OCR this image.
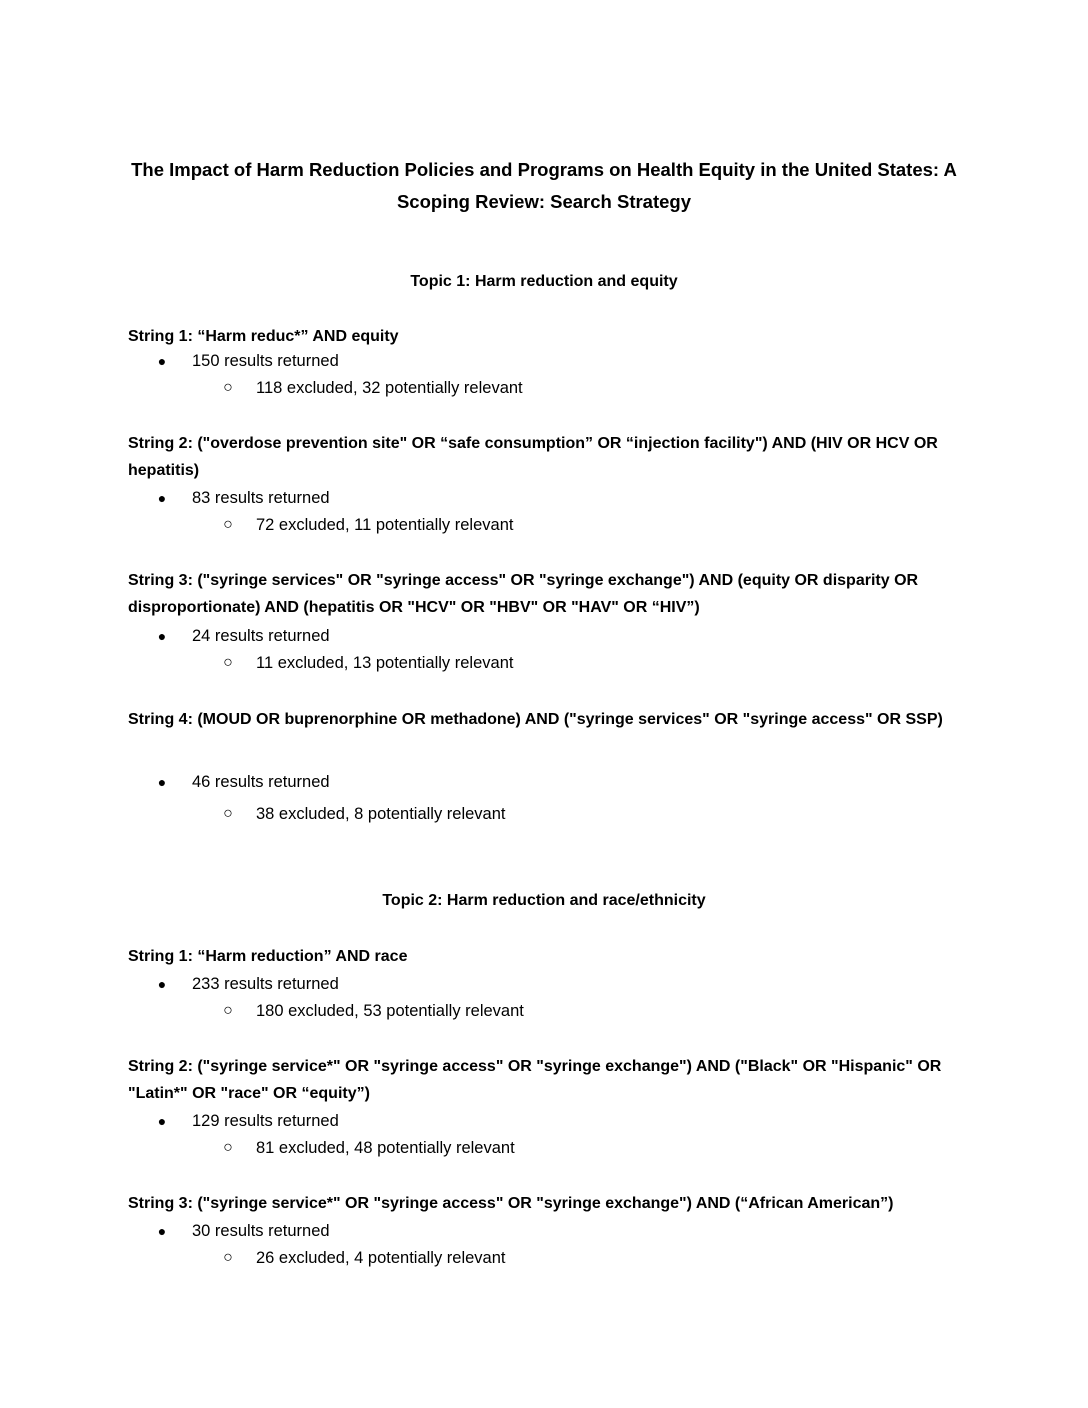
The Impact of Harm Reduction Policies and Programs on Health Equity in the United States: A Scoping Review: Search Strategy
Topic 1: Harm reduction and equity
String 1: “Harm reduc*” AND equity
●	150 results returned
○	118 excluded, 32 potentially relevant
String 2: ("overdose prevention site" OR “safe consumption” OR “injection facility") AND (HIV OR HCV OR hepatitis)
●	83 results returned
○	72 excluded, 11 potentially relevant
String 3: ("syringe services" OR "syringe access" OR "syringe exchange") AND (equity OR disparity OR disproportionate) AND (hepatitis OR "HCV" OR "HBV" OR "HAV" OR “HIV”)
●	24 results returned
○	11 excluded, 13 potentially relevant
String 4: (MOUD OR buprenorphine OR methadone) AND ("syringe services" OR "syringe access" OR SSP)
●	46 results returned
○	38 excluded, 8 potentially relevant
Topic 2: Harm reduction and race/ethnicity
String 1: “Harm reduction” AND race
●	233 results returned
○	180 excluded, 53 potentially relevant
String 2: ("syringe service*" OR "syringe access" OR "syringe exchange") AND ("Black" OR "Hispanic" OR "Latin*" OR "race" OR “equity”)
●	129 results returned
○	81 excluded, 48 potentially relevant
String 3: ("syringe service*" OR "syringe access" OR "syringe exchange") AND (“African American”)
●	30 results returned
○	26 excluded, 4 potentially relevant
